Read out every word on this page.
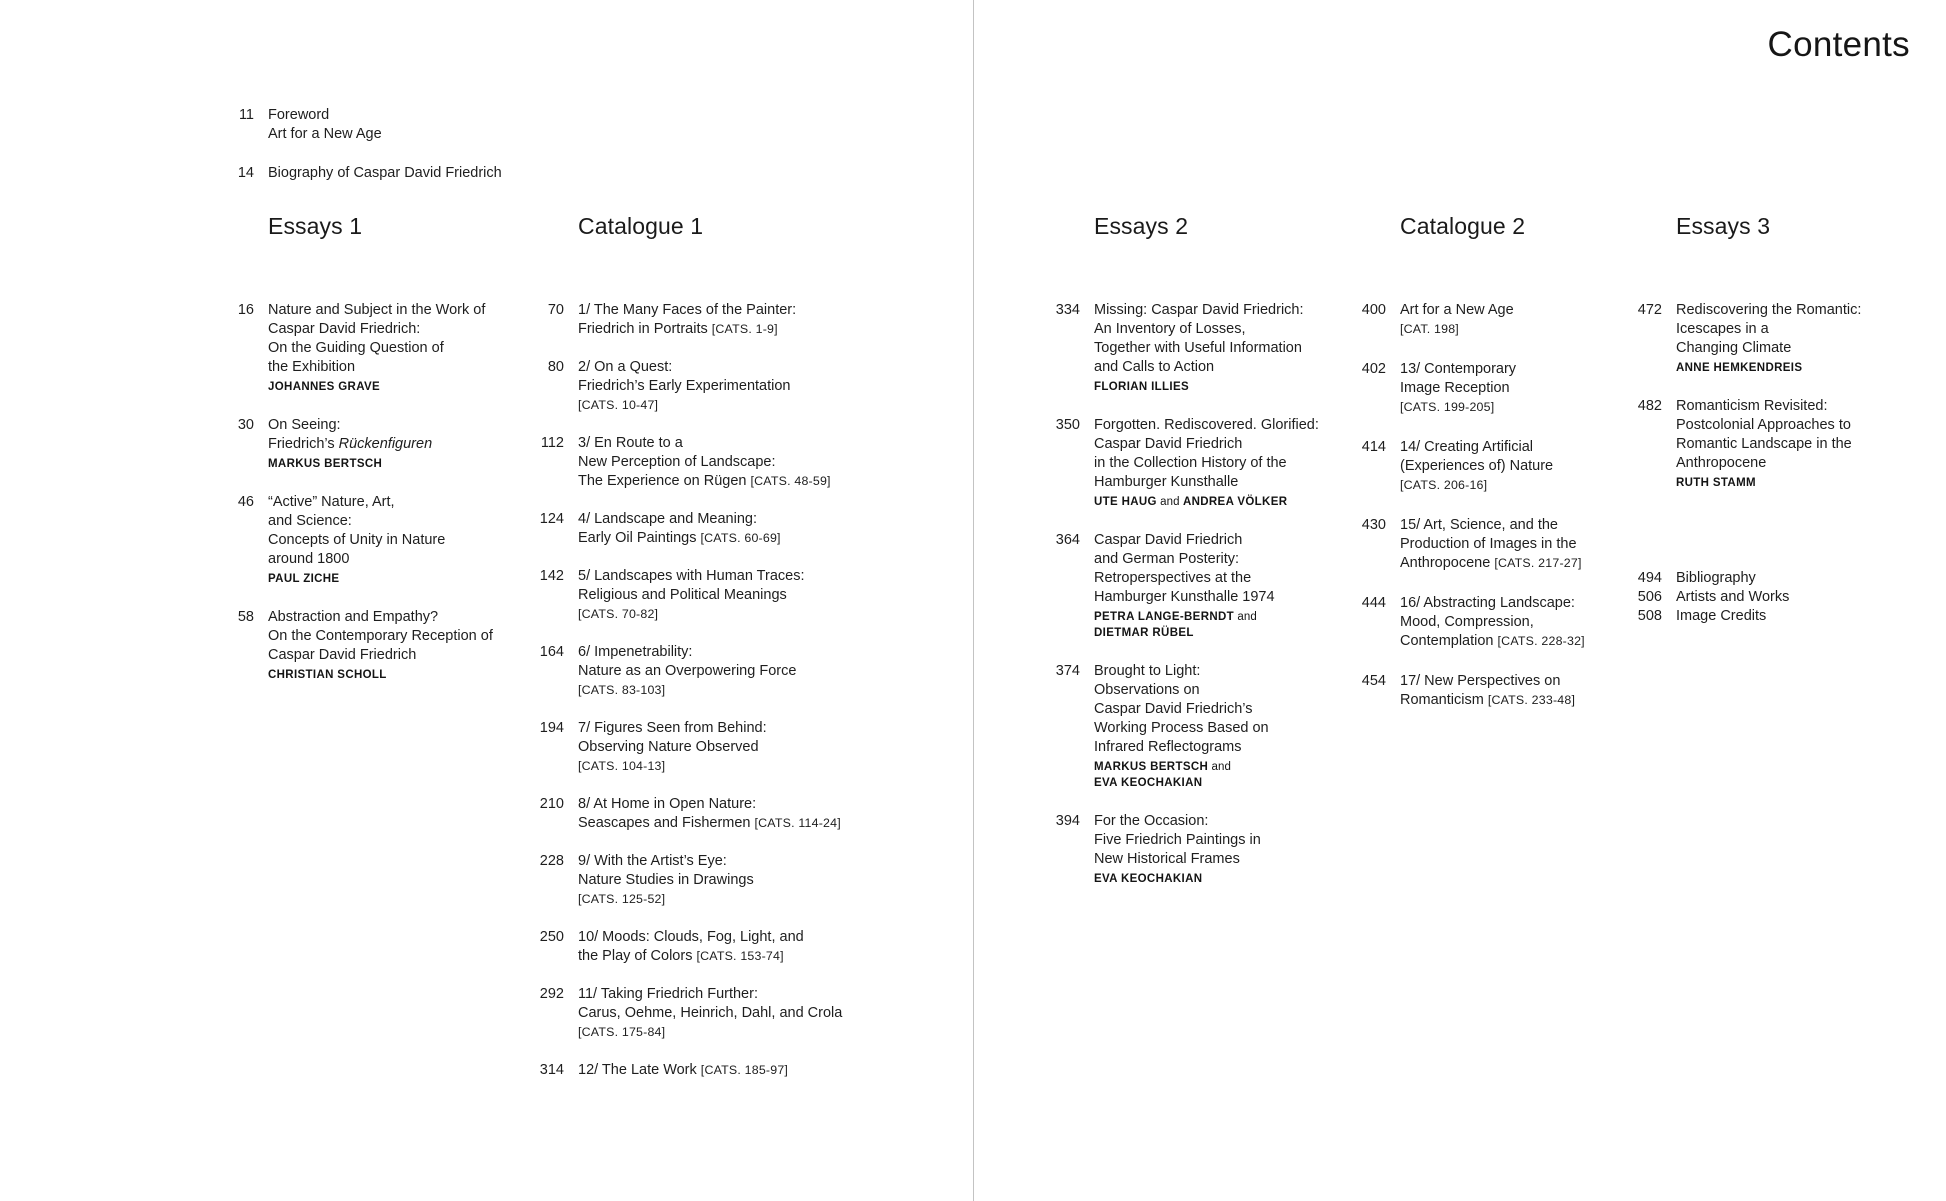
Contents
11 Foreword
Art for a New Age
14 Biography of Caspar David Friedrich
Essays 1
16 Nature and Subject in the Work of
Caspar David Friedrich:
On the Guiding Question of
the Exhibition
JOHANNES GRAVE
30 On Seeing:
Friedrich’s Rückenfiguren
MARKUS BERTSCH
46 “Active” Nature, Art,
and Science:
Concepts of Unity in Nature
around 1800
PAUL ZICHE
58 Abstraction and Empathy?
On the Contemporary Reception of
Caspar David Friedrich
CHRISTIAN SCHOLL
Catalogue 1
70 1/ The Many Faces of the Painter:
Friedrich in Portraits [CATS. 1-9]
80 2/ On a Quest:
Friedrich’s Early Experimentation
[CATS. 10-47]
112 3/ En Route to a
New Perception of Landscape:
The Experience on Rügen [CATS. 48-59]
124 4/ Landscape and Meaning:
Early Oil Paintings [CATS. 60-69]
142 5/ Landscapes with Human Traces:
Religious and Political Meanings
[CATS. 70-82]
164 6/ Impenetrability:
Nature as an Overpowering Force
[CATS. 83-103]
194 7/ Figures Seen from Behind:
Observing Nature Observed
[CATS. 104-13]
210 8/ At Home in Open Nature:
Seascapes and Fishermen [CATS. 114-24]
228 9/ With the Artist’s Eye:
Nature Studies in Drawings
[CATS. 125-52]
250 10/ Moods: Clouds, Fog, Light, and
the Play of Colors [CATS. 153-74]
292 11/ Taking Friedrich Further:
Carus, Oehme, Heinrich, Dahl, and Crola
[CATS. 175-84]
314 12/ The Late Work [CATS. 185-97]
Essays 2
334 Missing: Caspar David Friedrich:
An Inventory of Losses,
Together with Useful Information
and Calls to Action
FLORIAN ILLIES
350 Forgotten. Rediscovered. Glorified:
Caspar David Friedrich
in the Collection History of the
Hamburger Kunsthalle
UTE HAUG and ANDREA VÖLKER
364 Caspar David Friedrich
and German Posterity:
Retroperspectives at the
Hamburger Kunsthalle 1974
PETRA LANGE-BERNDT and
DIETMAR RÜBEL
374 Brought to Light:
Observations on
Caspar David Friedrich’s
Working Process Based on
Infrared Reflectograms
MARKUS BERTSCH and
EVA KEOCHAKIAN
394 For the Occasion:
Five Friedrich Paintings in
New Historical Frames
EVA KEOCHAKIAN
Catalogue 2
400 Art for a New Age
[CAT. 198]
402 13/ Contemporary
Image Reception
[CATS. 199-205]
414 14/ Creating Artificial
(Experiences of) Nature
[CATS. 206-16]
430 15/ Art, Science, and the
Production of Images in the
Anthropocene [CATS. 217-27]
444 16/ Abstracting Landscape:
Mood, Compression,
Contemplation [CATS. 228-32]
454 17/ New Perspectives on
Romanticism [CATS. 233-48]
Essays 3
472 Rediscovering the Romantic:
Icescapes in a
Changing Climate
ANNE HEMKENDREIS
482 Romanticism Revisited:
Postcolonial Approaches to
Romantic Landscape in the
Anthropocene
RUTH STAMM
494 Bibliography
506 Artists and Works
508 Image Credits
